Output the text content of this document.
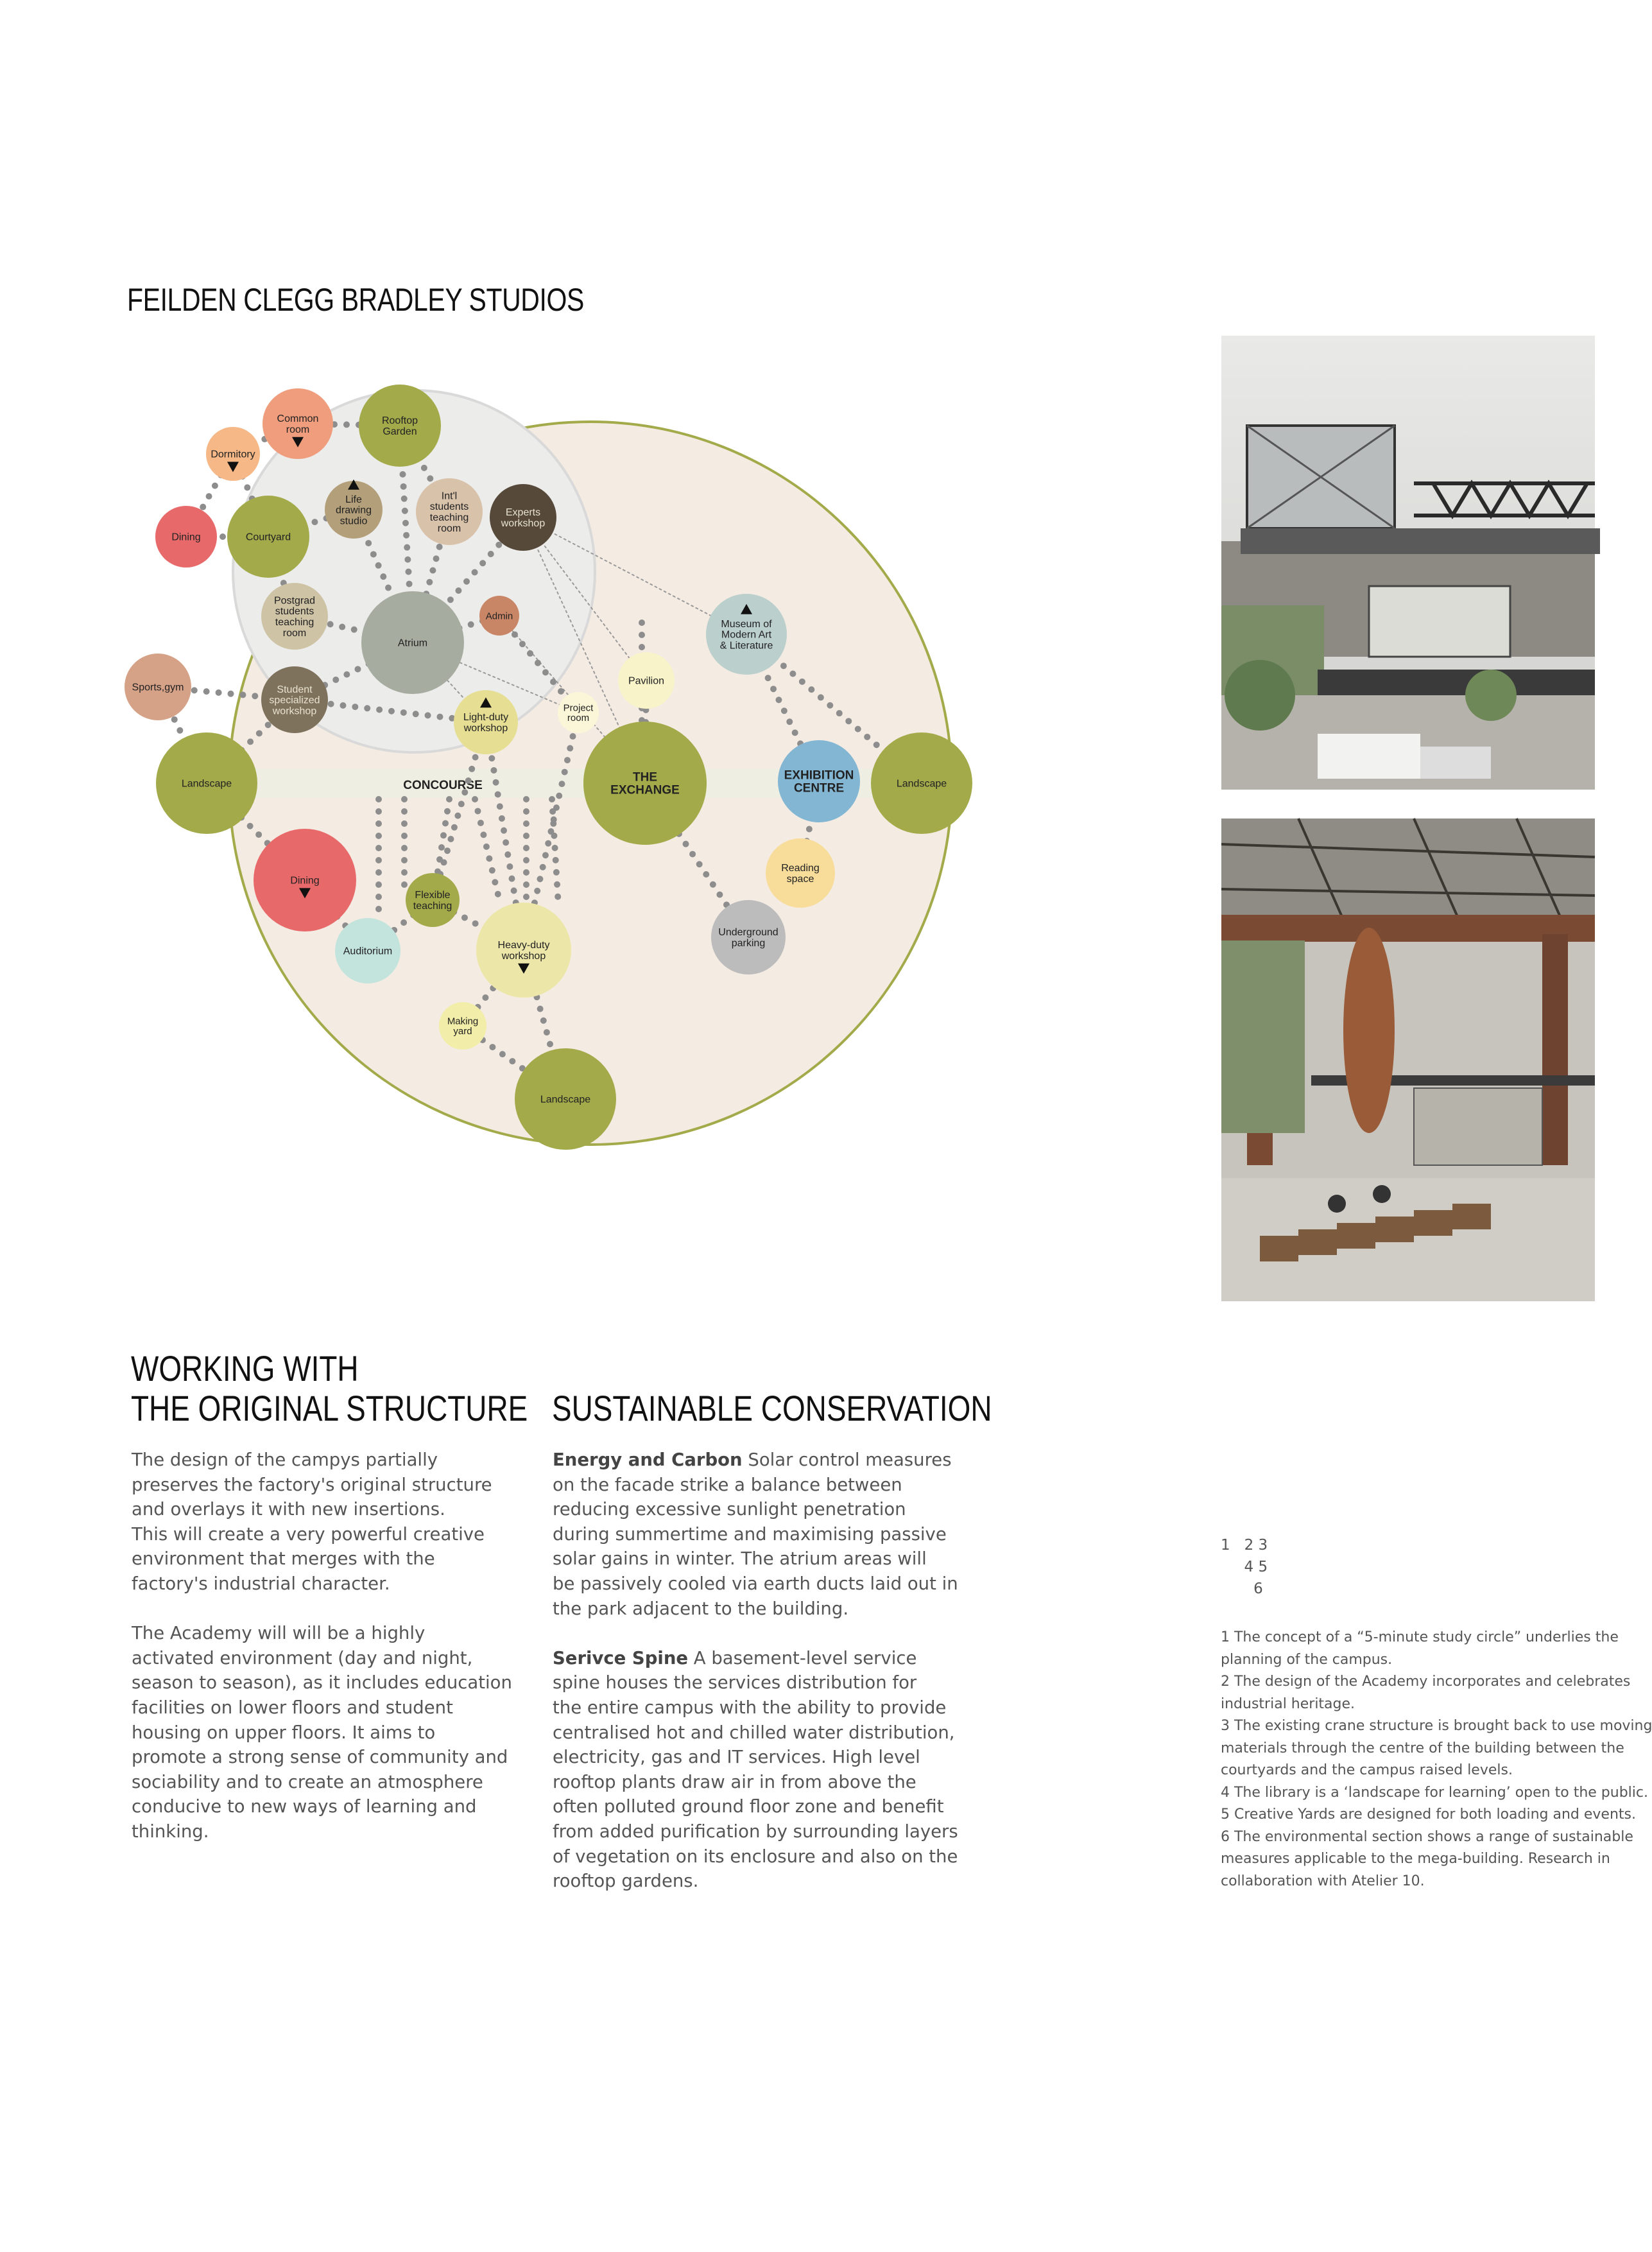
FEILDEN CLEGG BRADLEY STUDIOS
CONCOURSE
Common room
Rooftop Garden
Dormitory
Dining	Courtyard
Life drawing studio
Int'l students teaching room
Experts workshop
Postgrad students teaching room
Atrium
Admin
Sports,gym	Student specialized workshop
Light-duty workshop
Project room
Pavilion
Museum of Modern Art & Literature
Landscape	THE EXCHANGE
EXHIBITION CENTRE	Landscape
Dining
Flexible teaching
Auditorium
Heavy-duty workshop
Reading space
Underground parking
Making yard
Landscape
WORKING WITH
THE ORIGINAL STRUCTURE

The design of the campys partially

preserves the factory's original structure

and overlays it with new insertions.

This will create a very powerful creative

environment that merges with the

factory's industrial character.

The Academy will will be a highly

activated environment (day and night,

season to season), as it includes education

facilities on lower floors and student

housing on upper floors. It aims to

promote a strong sense of community and

sociability and to create an atmosphere

conducive to new ways of learning and

thinking.

SUSTAINABLE CONSERVATION

Energy and Carbon Solar control measures

on the facade strike a balance between

reducing excessive sunlight penetration

during summertime and maximising passive

solar gains in winter. The atrium areas will

be passively cooled via earth ducts laid out in

the park adjacent to the building.

Serivce Spine A basement-level service

spine houses the services distribution for

the entire campus with the ability to provide

centralised hot and chilled water distribution,

electricity, gas and IT services. High level

rooftop plants draw air in from above the

often polluted ground floor zone and benefit

from added purification by surrounding layers

of vegetation on its enclosure and also on the

rooftop gardens.

1   2 3
4 5
6

1 The concept of a “5-minute study circle” underlies the

planning of the campus.

2 The design of the Academy incorporates and celebrates

industrial heritage.

3 The existing crane structure is brought back to use moving

materials through the centre of the building between the

courtyards and the campus raised levels.

4 The library is a ‘landscape for learning’ open to the public.

5 Creative Yards are designed for both loading and events.

6 The environmental section shows a range of sustainable

measures applicable to the mega-building. Research in

collaboration with Atelier 10.
